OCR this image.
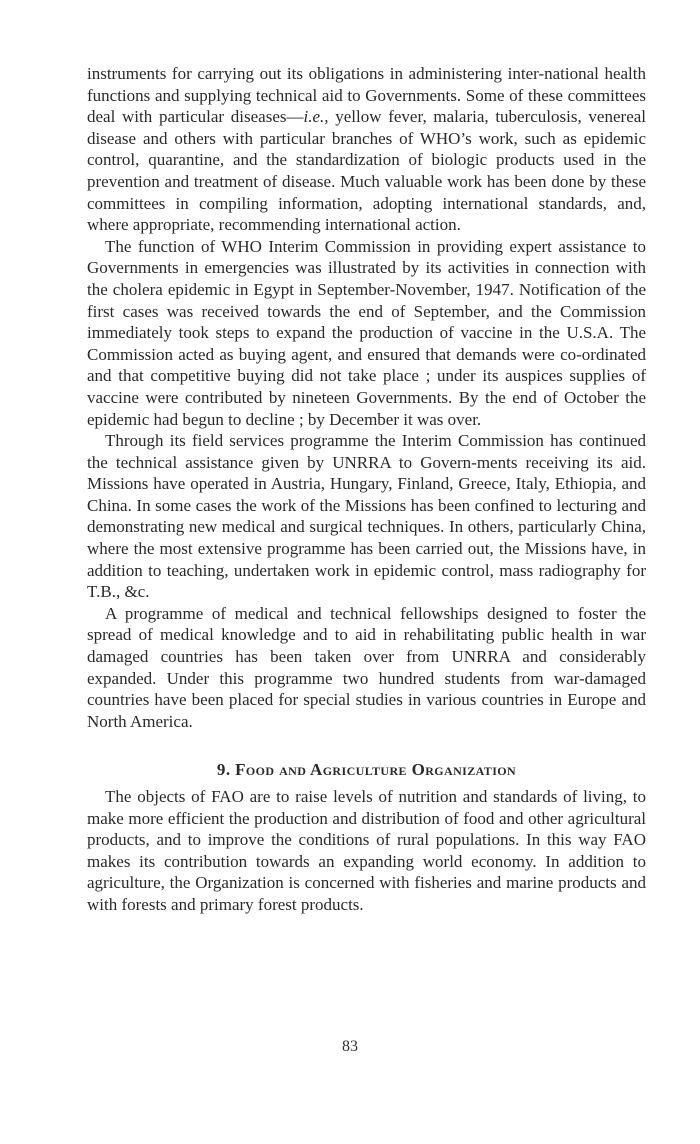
instruments for carrying out its obligations in administering inter-national health functions and supplying technical aid to Governments. Some of these committees deal with particular diseases—i.e., yellow fever, malaria, tuberculosis, venereal disease and others with particular branches of WHO’s work, such as epidemic control, quarantine, and the standardization of biologic products used in the prevention and treatment of disease. Much valuable work has been done by these committees in compiling information, adopting international standards, and, where appropriate, recommending international action.

The function of WHO Interim Commission in providing expert assistance to Governments in emergencies was illustrated by its activities in connection with the cholera epidemic in Egypt in September-November, 1947. Notification of the first cases was received towards the end of September, and the Commission immediately took steps to expand the production of vaccine in the U.S.A. The Commission acted as buying agent, and ensured that demands were co-ordinated and that competitive buying did not take place ; under its auspices supplies of vaccine were contributed by nineteen Governments. By the end of October the epidemic had begun to decline ; by December it was over.

Through its field services programme the Interim Commission has continued the technical assistance given by UNRRA to Govern-ments receiving its aid. Missions have operated in Austria, Hungary, Finland, Greece, Italy, Ethiopia, and China. In some cases the work of the Missions has been confined to lecturing and demonstrating new medical and surgical techniques. In others, particularly China, where the most extensive programme has been carried out, the Missions have, in addition to teaching, undertaken work in epidemic control, mass radiography for T.B., &c.

A programme of medical and technical fellowships designed to foster the spread of medical knowledge and to aid in rehabilitating public health in war damaged countries has been taken over from UNRRA and considerably expanded. Under this programme two hundred students from war-damaged countries have been placed for special studies in various countries in Europe and North America.

9. Food and Agriculture Organization

The objects of FAO are to raise levels of nutrition and standards of living, to make more efficient the production and distribution of food and other agricultural products, and to improve the conditions of rural populations. In this way FAO makes its contribution towards an expanding world economy. In addition to agriculture, the Organization is concerned with fisheries and marine products and with forests and primary forest products.

83
